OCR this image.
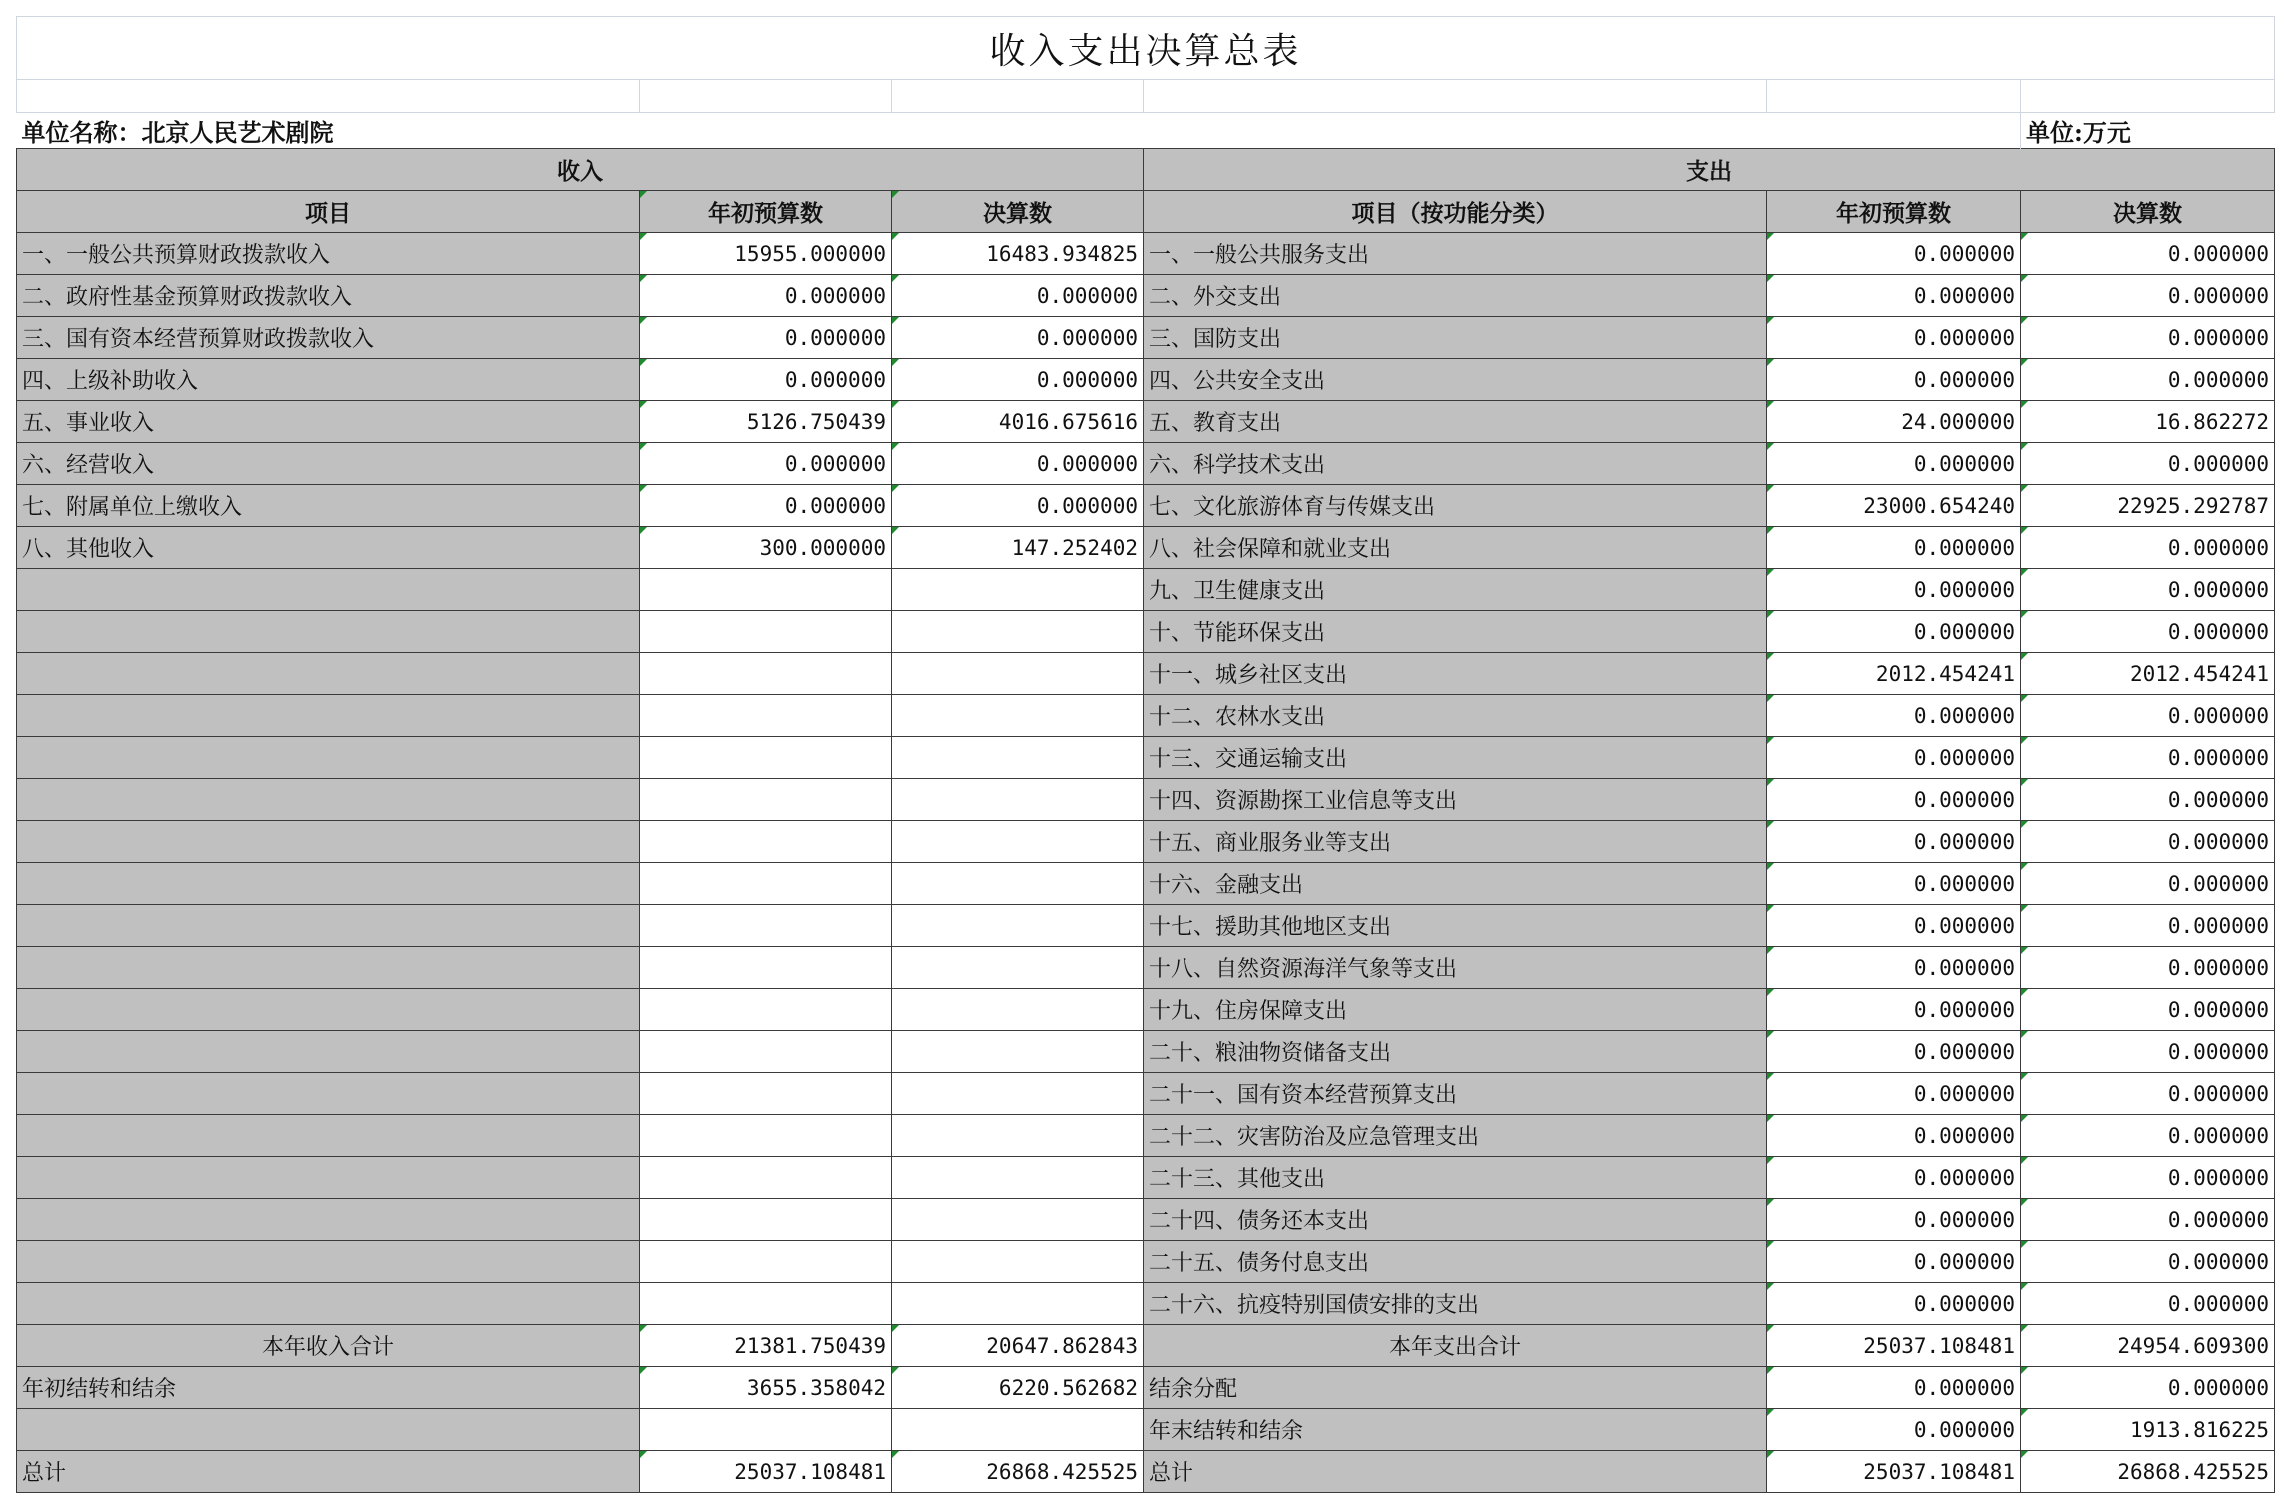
收入支出决算总表					

单位名称：北京人民艺术剧院					单位:万元
收入			支出		
项目	年初预算数	决算数	项目（按功能分类）	年初预算数	决算数
一、一般公共预算财政拨款收入	15955.000000	16483.934825	一、一般公共服务支出	0.000000	0.000000
二、政府性基金预算财政拨款收入	0.000000	0.000000	二、外交支出	0.000000	0.000000
三、国有资本经营预算财政拨款收入	0.000000	0.000000	三、国防支出	0.000000	0.000000
四、上级补助收入	0.000000	0.000000	四、公共安全支出	0.000000	0.000000
五、事业收入	5126.750439	4016.675616	五、教育支出	24.000000	16.862272
六、经营收入	0.000000	0.000000	六、科学技术支出	0.000000	0.000000
七、附属单位上缴收入	0.000000	0.000000	七、文化旅游体育与传媒支出	23000.654240	22925.292787
八、其他收入	300.000000	147.252402	八、社会保障和就业支出	0.000000	0.000000
			九、卫生健康支出	0.000000	0.000000
			十、节能环保支出	0.000000	0.000000
			十一、城乡社区支出	2012.454241	2012.454241
			十二、农林水支出	0.000000	0.000000
			十三、交通运输支出	0.000000	0.000000
			十四、资源勘探工业信息等支出	0.000000	0.000000
			十五、商业服务业等支出	0.000000	0.000000
			十六、金融支出	0.000000	0.000000
			十七、援助其他地区支出	0.000000	0.000000
			十八、自然资源海洋气象等支出	0.000000	0.000000
			十九、住房保障支出	0.000000	0.000000
			二十、粮油物资储备支出	0.000000	0.000000
			二十一、国有资本经营预算支出	0.000000	0.000000
			二十二、灾害防治及应急管理支出	0.000000	0.000000
			二十三、其他支出	0.000000	0.000000
			二十四、债务还本支出	0.000000	0.000000
			二十五、债务付息支出	0.000000	0.000000
			二十六、抗疫特别国债安排的支出	0.000000	0.000000
本年收入合计	21381.750439	20647.862843	本年支出合计	25037.108481	24954.609300
年初结转和结余	3655.358042	6220.562682	结余分配	0.000000	0.000000
			年末结转和结余	0.000000	1913.816225
总计	25037.108481	26868.425525	总计	25037.108481	26868.425525
